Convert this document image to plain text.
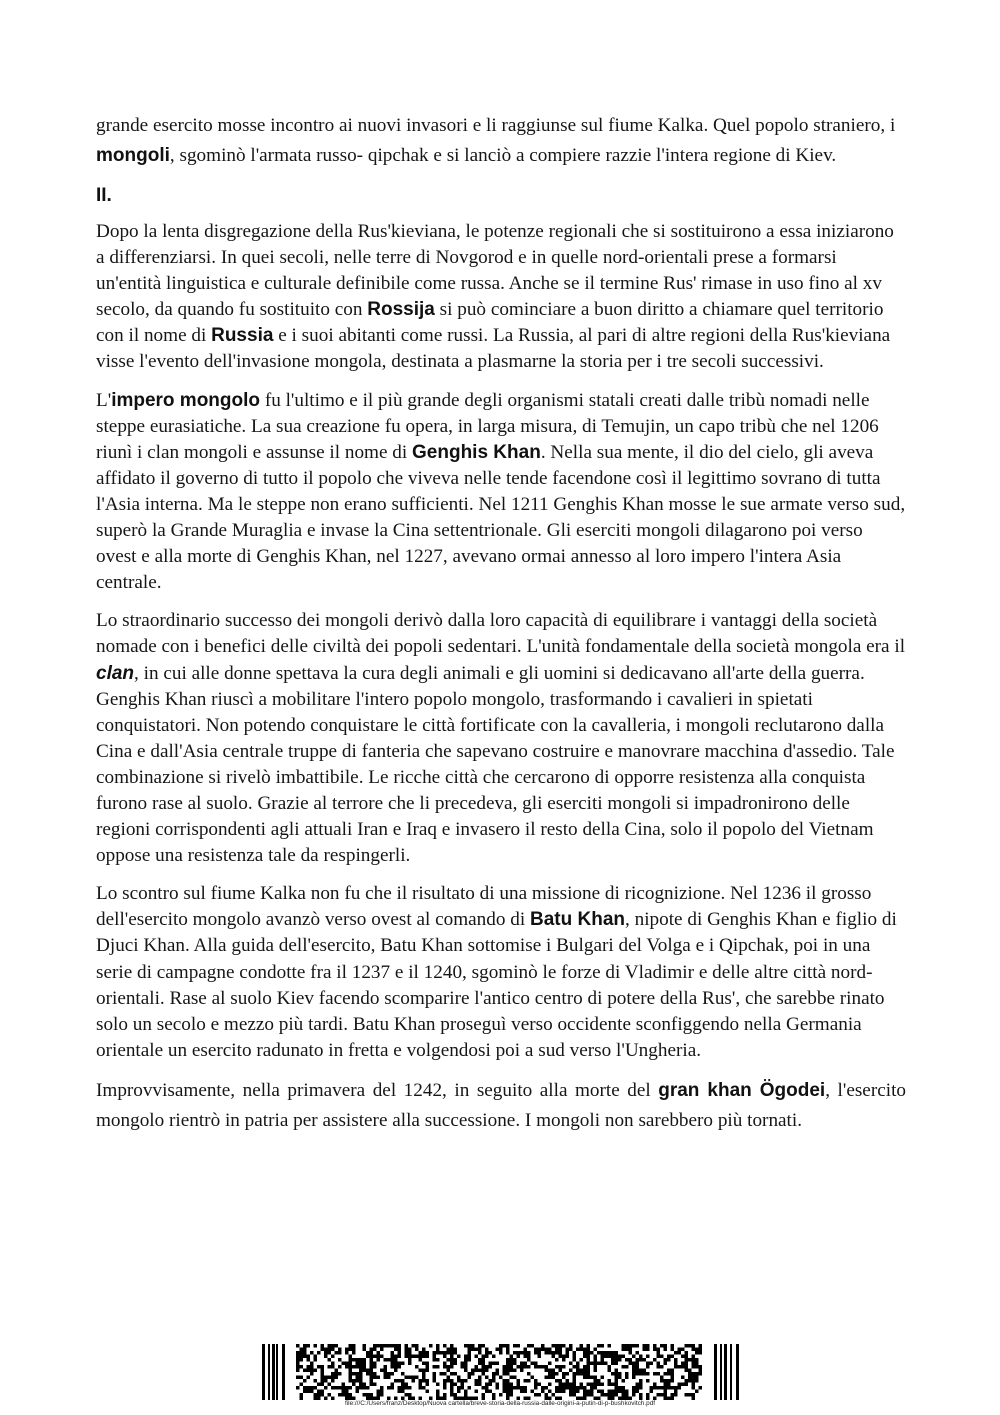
grande esercito mosse incontro ai nuovi invasori e li raggiunse sul fiume Kalka. Quel popolo straniero, i mongoli, sgominò l'armata russo- qipchak e si lanciò a compiere razzie l'intera regione di Kiev.

II.

Dopo la lenta disgregazione della Rus'kieviana, le potenze regionali che si sostituirono a essa iniziarono a differenziarsi. In quei secoli, nelle terre di Novgorod e in quelle nord-orientali prese a formarsi un'entità linguistica e culturale definibile come russa. Anche se il termine Rus' rimase in uso fino al xv secolo, da quando fu sostituito con Rossija si può cominciare a buon diritto a chiamare quel territorio con il nome di Russia e i suoi abitanti come russi. La Russia, al pari di altre regioni della Rus'kieviana visse l'evento dell'invasione mongola, destinata a plasmarne la storia per i tre secoli successivi.

L'impero mongolo fu l'ultimo e il più grande degli organismi statali creati dalle tribù nomadi nelle steppe eurasiatiche. La sua creazione fu opera, in larga misura, di Temujin, un capo tribù che nel 1206 riunì i clan mongoli e assunse il nome di Genghis Khan. Nella sua mente, il dio del cielo, gli aveva affidato il governo di tutto il popolo che viveva nelle tende facendone così il legittimo sovrano di tutta l'Asia interna. Ma le steppe non erano sufficienti. Nel 1211 Genghis Khan mosse le sue armate verso sud, superò la Grande Muraglia e invase la Cina settentrionale. Gli eserciti mongoli dilagarono poi verso ovest e alla morte di Genghis Khan, nel 1227, avevano ormai annesso al loro impero l'intera Asia centrale.

Lo straordinario successo dei mongoli derivò dalla loro capacità di equilibrare i vantaggi della società nomade con i benefici delle civiltà dei popoli sedentari. L'unità fondamentale della società mongola era il clan, in cui alle donne spettava la cura degli animali e gli uomini si dedicavano all'arte della guerra. Genghis Khan riuscì a mobilitare l'intero popolo mongolo, trasformando i cavalieri in spietati conquistatori. Non potendo conquistare le città fortificate con la cavalleria, i mongoli reclutarono dalla Cina e dall'Asia centrale truppe di fanteria che sapevano costruire e manovrare macchina d'assedio. Tale combinazione si rivelò imbattibile. Le ricche città che cercarono di opporre resistenza alla conquista furono rase al suolo. Grazie al terrore che li precedeva, gli eserciti mongoli si impadronirono delle regioni corrispondenti agli attuali Iran e Iraq e invasero il resto della Cina, solo il popolo del Vietnam oppose una resistenza tale da respingerli.

Lo scontro sul fiume Kalka non fu che il risultato di una missione di ricognizione. Nel 1236 il grosso dell'esercito mongolo avanzò verso ovest al comando di Batu Khan, nipote di Genghis Khan e figlio di Djuci Khan. Alla guida dell'esercito, Batu Khan sottomise i Bulgari del Volga e i Qipchak, poi in una serie di campagne condotte fra il 1237 e il 1240, sgominò le forze di Vladimir e delle altre città nord-orientali. Rase al suolo Kiev facendo scomparire l'antico centro di potere della Rus', che sarebbe rinato solo un secolo e mezzo più tardi. Batu Khan proseguì verso occidente sconfiggendo nella Germania orientale un esercito radunato in fretta e volgendosi poi a sud verso l'Ungheria.

Improvvisamente, nella primavera del 1242, in seguito alla morte del gran khan Ögodei, l'esercito mongolo rientrò in patria per assistere alla successione. I mongoli non sarebbero più tornati.

file:///C:/Users/franz/Desktop/Nuova cartella/breve-storia-della-russia-dalle-origini-a-putin-di-p-bushkovitch.pdf
